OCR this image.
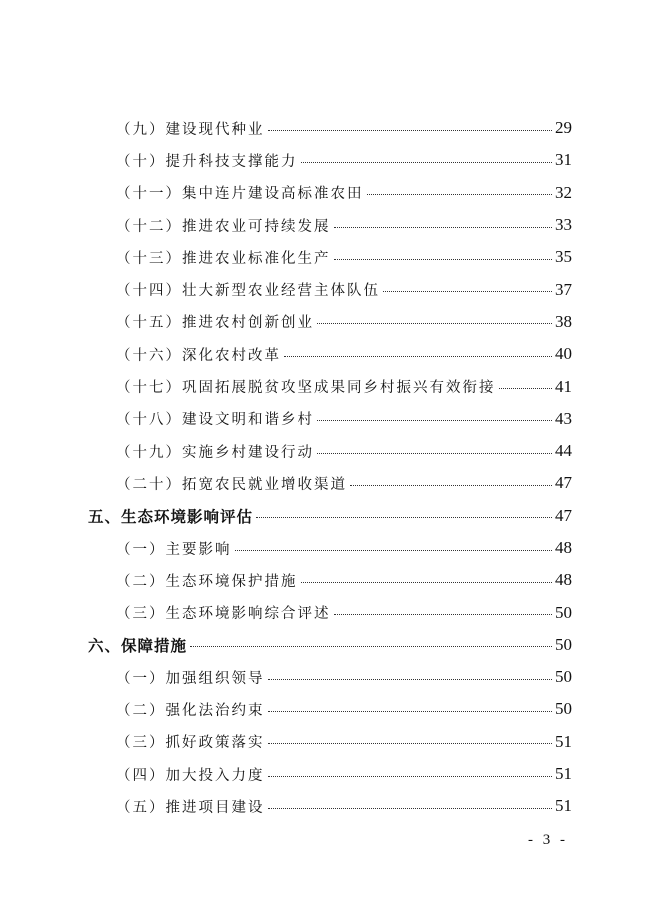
（九）建设现代种业	29
（十）提升科技支撑能力	31
（十一）集中连片建设高标准农田	32
（十二）推进农业可持续发展	33
（十三）推进农业标准化生产	35
（十四）壮大新型农业经营主体队伍	37
（十五）推进农村创新创业	38
（十六）深化农村改革	40
（十七）巩固拓展脱贫攻坚成果同乡村振兴有效衔接	41
（十八）建设文明和谐乡村	43
（十九）实施乡村建设行动	44
（二十）拓宽农民就业增收渠道	47
五、生态环境影响评估	47
（一）主要影响	48
（二）生态环境保护措施	48
（三）生态环境影响综合评述	50
六、保障措施	50
（一）加强组织领导	50
（二）强化法治约束	50
（三）抓好政策落实	51
（四）加大投入力度	51
（五）推进项目建设	51
- 3 -
